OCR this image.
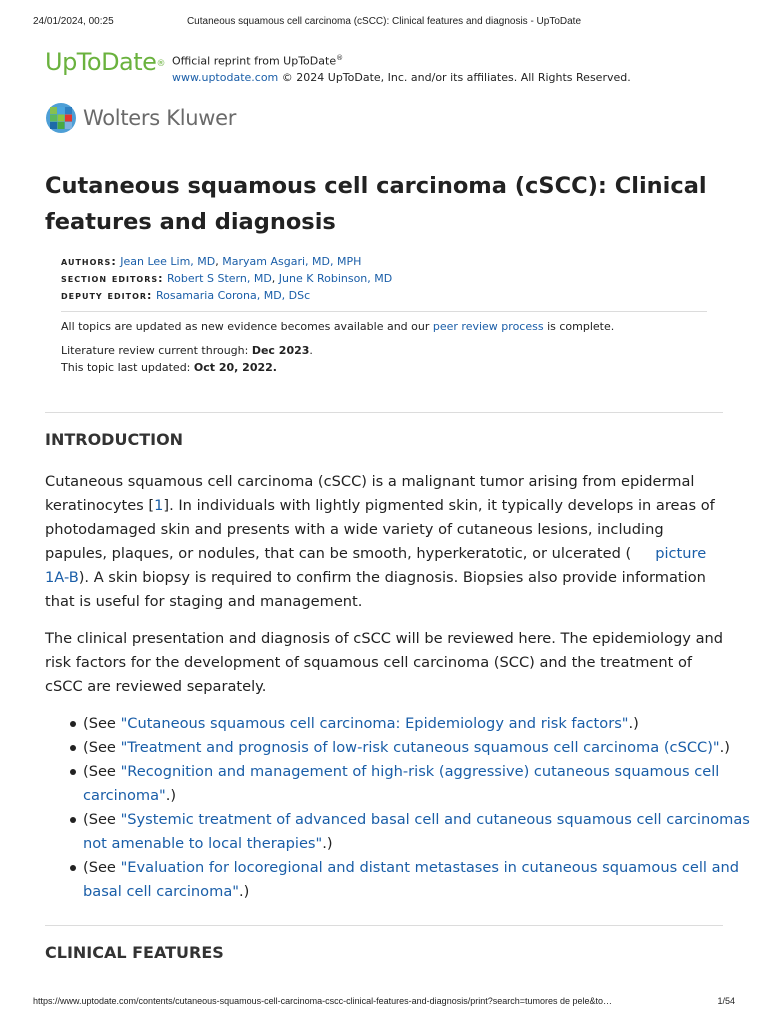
24/01/2024, 00:25	Cutaneous squamous cell carcinoma (cSCC): Clinical features and diagnosis - UpToDate
UpToDate® Official reprint from UpToDate®
www.uptodate.com © 2024 UpToDate, Inc. and/or its affiliates. All Rights Reserved.
Wolters Kluwer
Cutaneous squamous cell carcinoma (cSCC): Clinical features and diagnosis
authors: Jean Lee Lim, MD, Maryam Asgari, MD, MPH
section editors: Robert S Stern, MD, June K Robinson, MD
deputy editor: Rosamaria Corona, MD, DSc

All topics are updated as new evidence becomes available and our peer review process is complete.

Literature review current through: Dec 2023.

This topic last updated: Oct 20, 2022.

INTRODUCTION

Cutaneous squamous cell carcinoma (cSCC) is a malignant tumor arising from epidermal keratinocytes [1]. In individuals with lightly pigmented skin, it typically develops in areas of photodamaged skin and presents with a wide variety of cutaneous lesions, including papules, plaques, or nodules, that can be smooth, hyperkeratotic, or ulcerated ( picture 1A-B). A skin biopsy is required to confirm the diagnosis. Biopsies also provide information that is useful for staging and management.

The clinical presentation and diagnosis of cSCC will be reviewed here. The epidemiology and risk factors for the development of squamous cell carcinoma (SCC) and the treatment of cSCC are reviewed separately.

(See "Cutaneous squamous cell carcinoma: Epidemiology and risk factors".)
(See "Treatment and prognosis of low-risk cutaneous squamous cell carcinoma (cSCC)".)
(See "Recognition and management of high-risk (aggressive) cutaneous squamous cell carcinoma".)
(See "Systemic treatment of advanced basal cell and cutaneous squamous cell carcinomas not amenable to local therapies".)
(See "Evaluation for locoregional and distant metastases in cutaneous squamous cell and basal cell carcinoma".)
CLINICAL FEATURES
https://www.uptodate.com/contents/cutaneous-squamous-cell-carcinoma-cscc-clinical-features-and-diagnosis/print?search=tumores de pele&to…	1/54
